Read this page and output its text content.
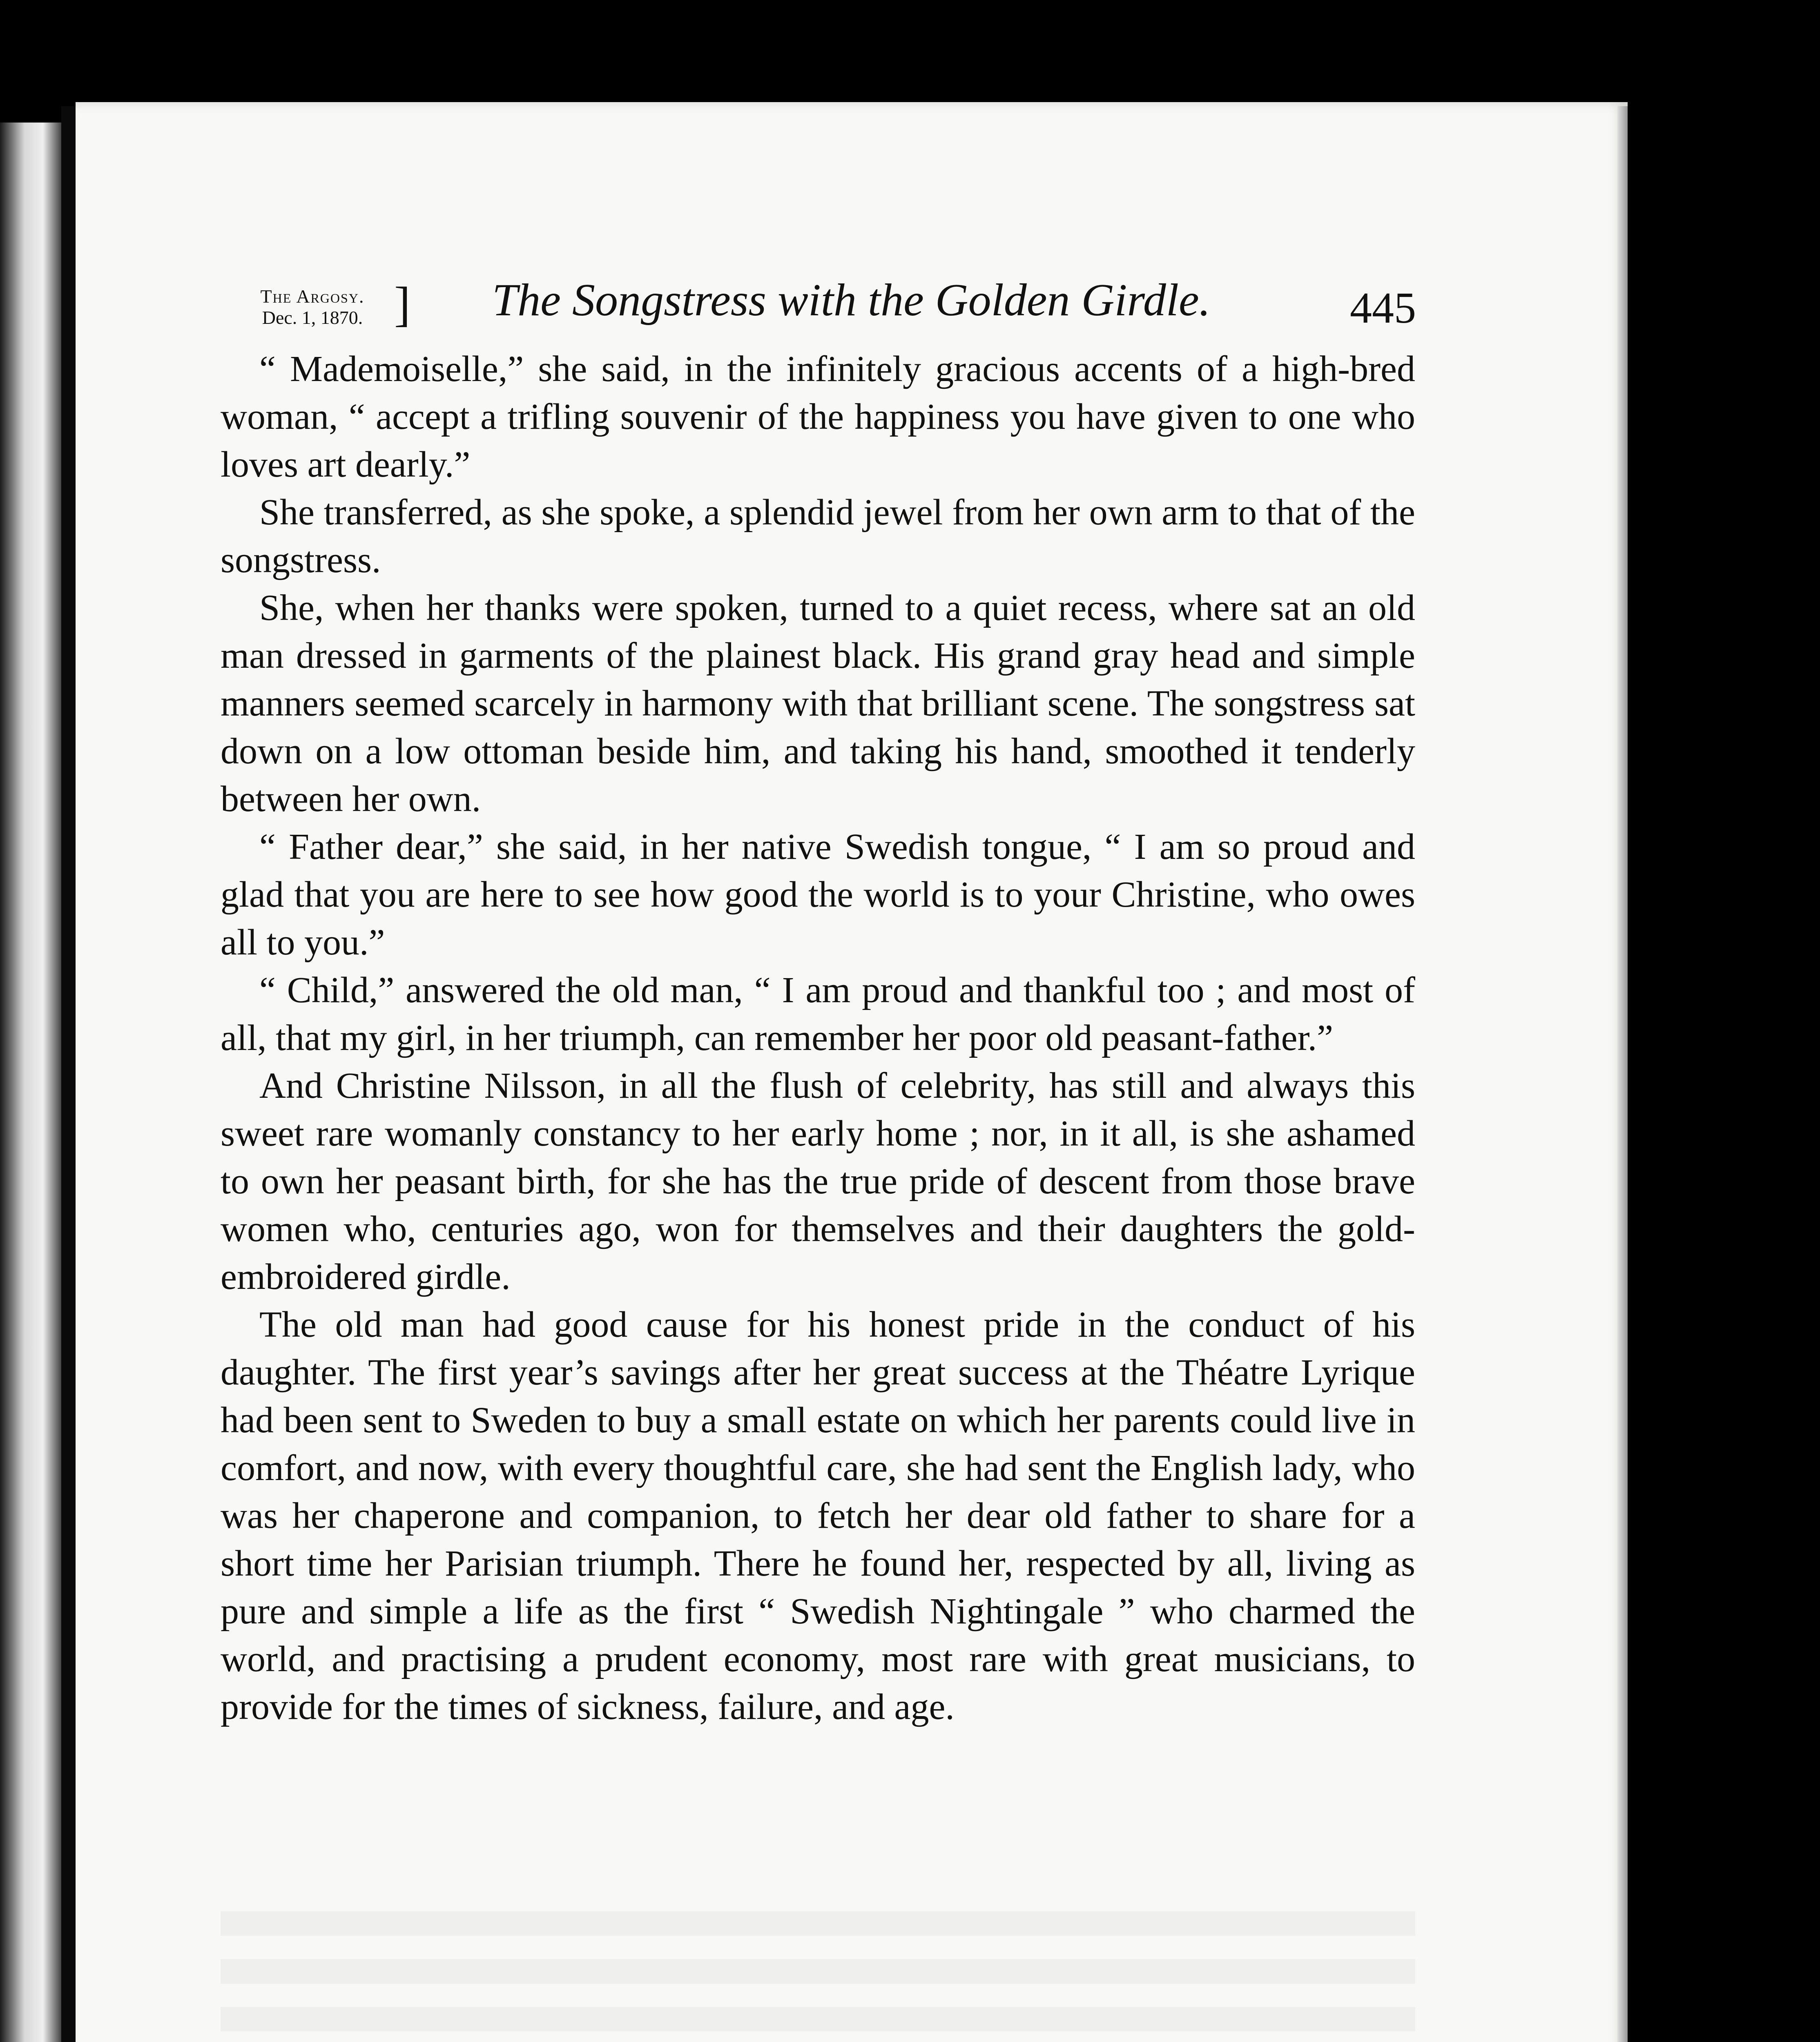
The Argosy.
Dec. 1, 1870. ] The Songstress with the Golden Girdle.	445

“ Mademoiselle,” she said, in the infinitely gracious accents of a high-bred woman, “ accept a trifling souvenir of the happiness you have given to one who loves art dearly.”

She transferred, as she spoke, a splendid jewel from her own arm to that of the songstress.

She, when her thanks were spoken, turned to a quiet recess, where sat an old man dressed in garments of the plainest black. His grand gray head and simple manners seemed scarcely in harmony with that brilliant scene. The songstress sat down on a low ottoman beside him, and taking his hand, smoothed it tenderly between her own.

“ Father dear,” she said, in her native Swedish tongue, “ I am so proud and glad that you are here to see how good the world is to your Christine, who owes all to you.”

“ Child,” answered the old man, “ I am proud and thankful too ; and most of all, that my girl, in her triumph, can remember her poor old peasant-father.”

And Christine Nilsson, in all the flush of celebrity, has still and always this sweet rare womanly constancy to her early home ; nor, in it all, is she ashamed to own her peasant birth, for she has the true pride of descent from those brave women who, centuries ago, won for themselves and their daughters the gold-embroidered girdle.

The old man had good cause for his honest pride in the conduct of his daughter. The first year’s savings after her great success at the Théatre Lyrique had been sent to Sweden to buy a small estate on which her parents could live in comfort, and now, with every thoughtful care, she had sent the English lady, who was her chaperone and companion, to fetch her dear old father to share for a short time her Parisian triumph. There he found her, respected by all, living as pure and simple a life as the first “ Swedish Nightingale ” who charmed the world, and practising a prudent economy, most rare with great musicians, to provide for the times of sickness, failure, and age.
